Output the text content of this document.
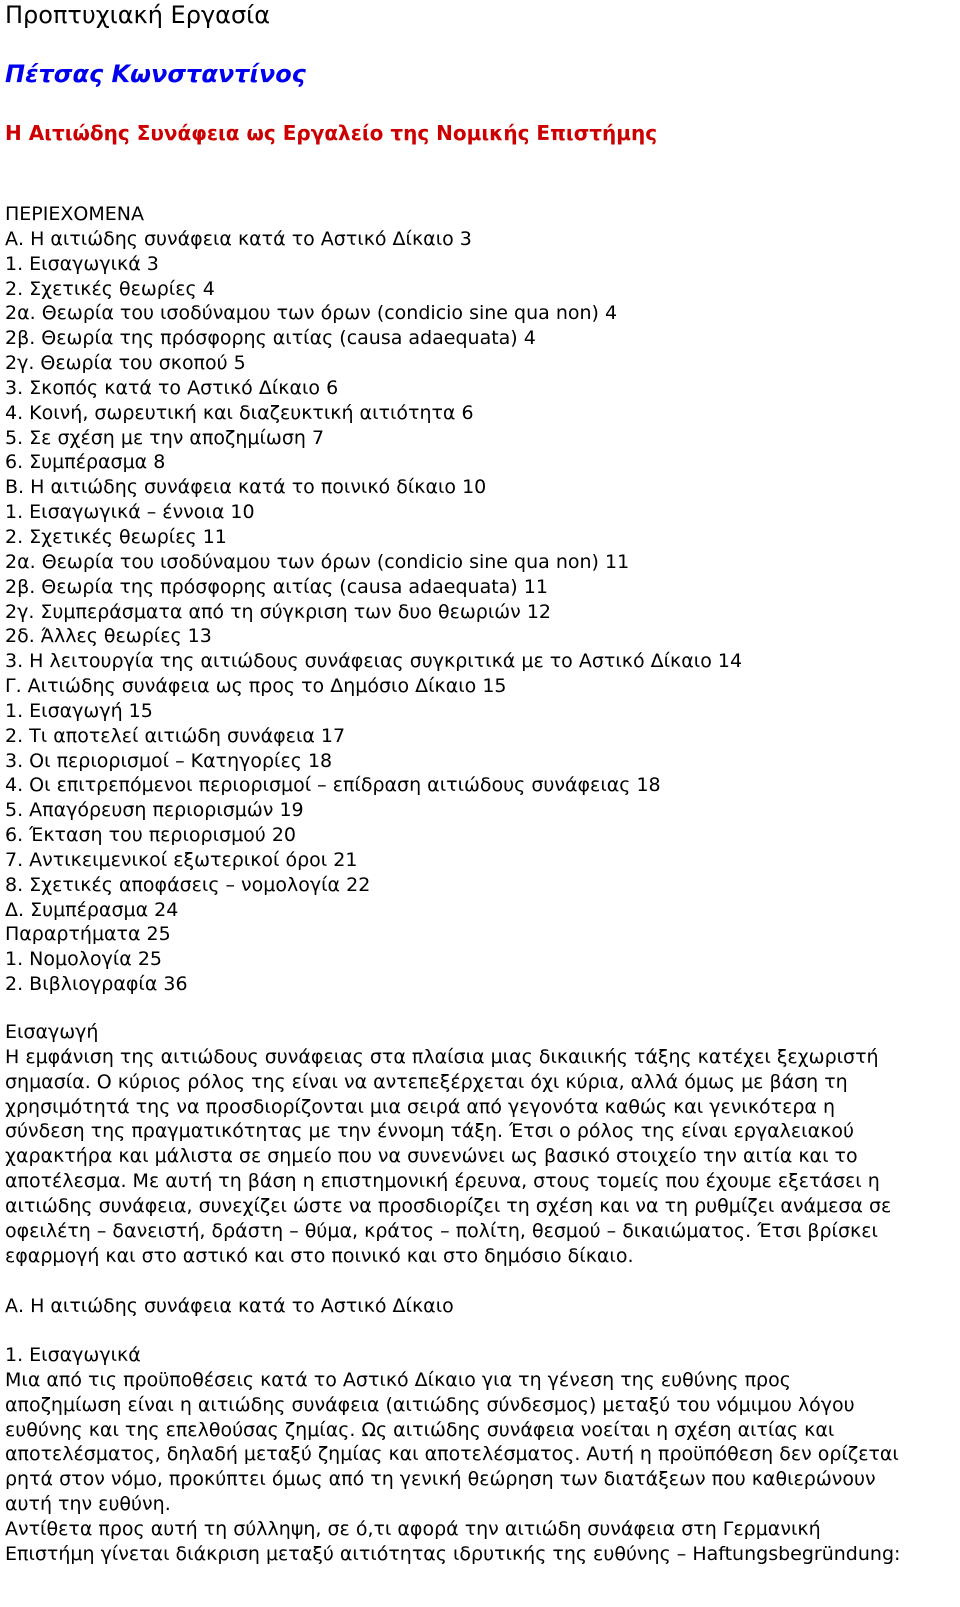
Προπτυχιακή Εργασία
Πέτσας Κωνσταντίνος
Η Αιτιώδης Συνάφεια ως Εργαλείο της Νομικής Επιστήμης
ΠΕΡΙΕΧΟΜΕΝΑ
Α. Η αιτιώδης συνάφεια κατά το Αστικό Δίκαιο 3
1. Εισαγωγικά 3
2. Σχετικές θεωρίες 4
2α. Θεωρία του ισοδύναμου των όρων (condicio sine qua non) 4
2β. Θεωρία της πρόσφορης αιτίας (causa adaequata) 4
2γ. Θεωρία του σκοπού 5
3. Σκοπός κατά το Αστικό Δίκαιο 6
4. Κοινή, σωρευτική και διαζευκτική αιτιότητα 6
5. Σε σχέση με την αποζημίωση 7
6. Συμπέρασμα 8
Β. Η αιτιώδης συνάφεια κατά το ποινικό δίκαιο 10
1. Εισαγωγικά – έννοια 10
2. Σχετικές θεωρίες 11
2α. Θεωρία του ισοδύναμου των όρων (condicio sine qua non) 11
2β. Θεωρία της πρόσφορης αιτίας (causa adaequata) 11
2γ. Συμπεράσματα από τη σύγκριση των δυο θεωριών 12
2δ. Άλλες θεωρίες 13
3. Η λειτουργία της αιτιώδους συνάφειας συγκριτικά με το Αστικό Δίκαιο 14
Γ. Αιτιώδης συνάφεια ως προς το Δημόσιο Δίκαιο 15
1. Εισαγωγή 15
2. Τι αποτελεί αιτιώδη συνάφεια 17
3. Οι περιορισμοί – Κατηγορίες 18
4. Οι επιτρεπόμενοι περιορισμοί – επίδραση αιτιώδους συνάφειας 18
5. Απαγόρευση περιορισμών 19
6. Έκταση του περιορισμού 20
7. Αντικειμενικοί εξωτερικοί όροι 21
8. Σχετικές αποφάσεις – νομολογία 22
Δ. Συμπέρασμα 24
Παραρτήματα 25
1. Νομολογία 25
2. Βιβλιογραφία 36

Εισαγωγή

Η εμφάνιση της αιτιώδους συνάφειας στα πλαίσια μιας δικαιικής τάξης κατέχει ξεχωριστή
σημασία. Ο κύριος ρόλος της είναι να αντεπεξέρχεται όχι κύρια, αλλά όμως με βάση τη
χρησιμότητά της να προσδιορίζονται μια σειρά από γεγονότα καθώς και γενικότερα η
σύνδεση της πραγματικότητας με την έννομη τάξη. Έτσι ο ρόλος της είναι εργαλειακού
χαρακτήρα και μάλιστα σε σημείο που να συνενώνει ως βασικό στοιχείο την αιτία και το
αποτέλεσμα. Με αυτή τη βάση η επιστημονική έρευνα, στους τομείς που έχουμε εξετάσει η
αιτιώδης συνάφεια, συνεχίζει ώστε να προσδιορίζει τη σχέση και να τη ρυθμίζει ανάμεσα σε
οφειλέτη – δανειστή, δράστη – θύμα, κράτος – πολίτη, θεσμού – δικαιώματος. Έτσι βρίσκει
εφαρμογή και στο αστικό και στο ποινικό και στο δημόσιο δίκαιο.

Α. Η αιτιώδης συνάφεια κατά το Αστικό Δίκαιο

1. Εισαγωγικά

Μια από τις προϋποθέσεις κατά το Αστικό Δίκαιο για τη γένεση της ευθύνης προς
αποζημίωση είναι η αιτιώδης συνάφεια (αιτιώδης σύνδεσμος) μεταξύ του νόμιμου λόγου
ευθύνης και της επελθούσας ζημίας. Ως αιτιώδης συνάφεια νοείται η σχέση αιτίας και
αποτελέσματος, δηλαδή μεταξύ ζημίας και αποτελέσματος. Αυτή η προϋπόθεση δεν ορίζεται
ρητά στον νόμο, προκύπτει όμως από τη γενική θεώρηση των διατάξεων που καθιερώνουν
αυτή την ευθύνη.
Αντίθετα προς αυτή τη σύλληψη, σε ό,τι αφορά την αιτιώδη συνάφεια στη Γερμανική
Επιστήμη γίνεται διάκριση μεταξύ αιτιότητας ιδρυτικής της ευθύνης – Haftungsbegründung:
